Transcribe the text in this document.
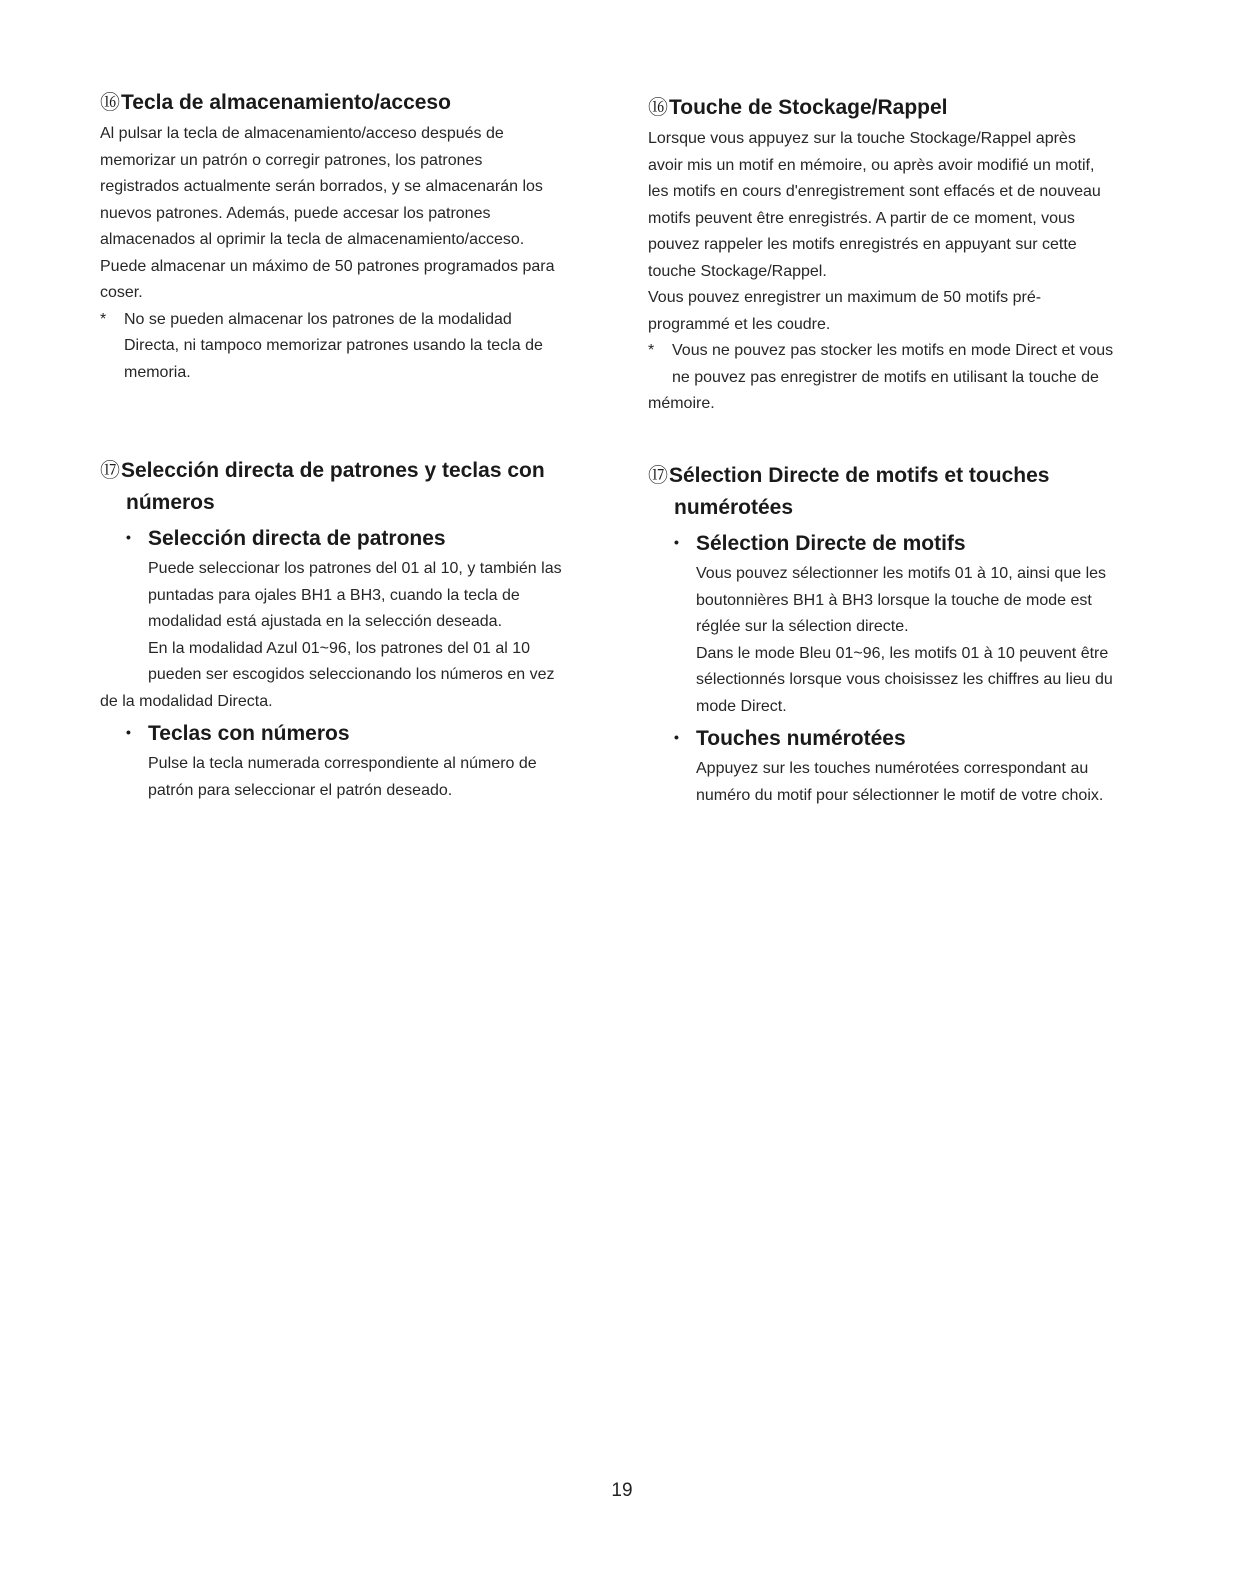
⑯Tecla de almacenamiento/acceso

Al pulsar la tecla de almacenamiento/acceso después de

memorizar un patrón o corregir patrones, los patrones

registrados actualmente serán borrados, y se almacenarán los

nuevos patrones. Además, puede accesar los patrones

almacenados al oprimir la tecla de almacenamiento/acceso.

Puede almacenar un máximo de 50 patrones programados para

coser.

* No se pueden almacenar los patrones de la modalidad

Directa, ni tampoco memorizar patrones usando la tecla de

memoria.

⑰Selección directa de patrones y teclas con
números
• Selección directa de patrones

Puede seleccionar los patrones del 01 al 10, y también las

puntadas para ojales BH1 a BH3, cuando la tecla de

modalidad está ajustada en la selección deseada.

En la modalidad Azul 01~96, los patrones del 01 al 10

pueden ser escogidos seleccionando los números en vez

de la modalidad Directa.

• Teclas con números

Pulse la tecla numerada correspondiente al número de

patrón para seleccionar el patrón deseado.

⑯Touche de Stockage/Rappel

Lorsque vous appuyez sur la touche Stockage/Rappel après

avoir mis un motif en mémoire, ou après avoir modifié un motif,

les motifs en cours d'enregistrement sont effacés et de nouveau

motifs peuvent être enregistrés. A partir de ce moment, vous

pouvez rappeler les motifs enregistrés en appuyant sur cette

touche Stockage/Rappel.

Vous pouvez enregistrer un maximum de 50 motifs pré-

programmé et les coudre.

* Vous ne pouvez pas stocker les motifs en mode Direct et vous

ne pouvez pas enregistrer de motifs en utilisant la touche de

mémoire.

⑰Sélection Directe de motifs et touches
numérotées
• Sélection Directe de motifs

Vous pouvez sélectionner les motifs 01 à 10, ainsi que les

boutonnières BH1 à BH3 lorsque la touche de mode est

réglée sur la sélection directe.

Dans le mode Bleu 01~96, les motifs 01 à 10 peuvent être

sélectionnés lorsque vous choisissez les chiffres au lieu du

mode Direct.

• Touches numérotées

Appuyez sur les touches numérotées correspondant au

numéro du motif pour sélectionner le motif de votre choix.

19
